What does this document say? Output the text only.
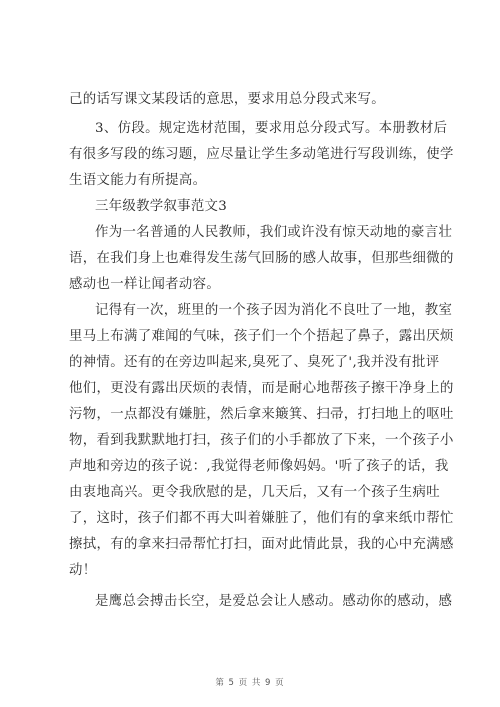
己的话写课文某段话的意思，要求用总分段式来写。
3、仿段。规定选材范围，要求用总分段式写。本册教材后
有很多写段的练习题，应尽量让学生多动笔进行写段训练，使学
生语文能力有所提高。
三年级教学叙事范文3
作为一名普通的人民教师，我们或许没有惊天动地的豪言壮
语，在我们身上也难得发生荡气回肠的感人故事，但那些细微的
感动也一样让闻者动容。
记得有一次，班里的一个孩子因为消化不良吐了一地，教室
里马上布满了难闻的气味，孩子们一个个捂起了鼻子，露出厌烦
的神情。还有的在旁边叫起来,臭死了、臭死了',我并没有批评
他们，更没有露出厌烦的表情，而是耐心地帮孩子擦干净身上的
污物，一点都没有嫌脏，然后拿来簸箕、扫帚，打扫地上的呕吐
物，看到我默默地打扫，孩子们的小手都放了下来，一个孩子小
声地和旁边的孩子说：,我觉得老师像妈妈。'听了孩子的话，我
由衷地高兴。更令我欣慰的是，几天后，又有一个孩子生病吐
了，这时，孩子们都不再大叫着嫌脏了，他们有的拿来纸巾帮忙
擦拭，有的拿来扫帚帮忙打扫，面对此情此景，我的心中充满感
动！
是鹰总会搏击长空，是爱总会让人感动。感动你的感动，感
第 5 页 共 9 页
